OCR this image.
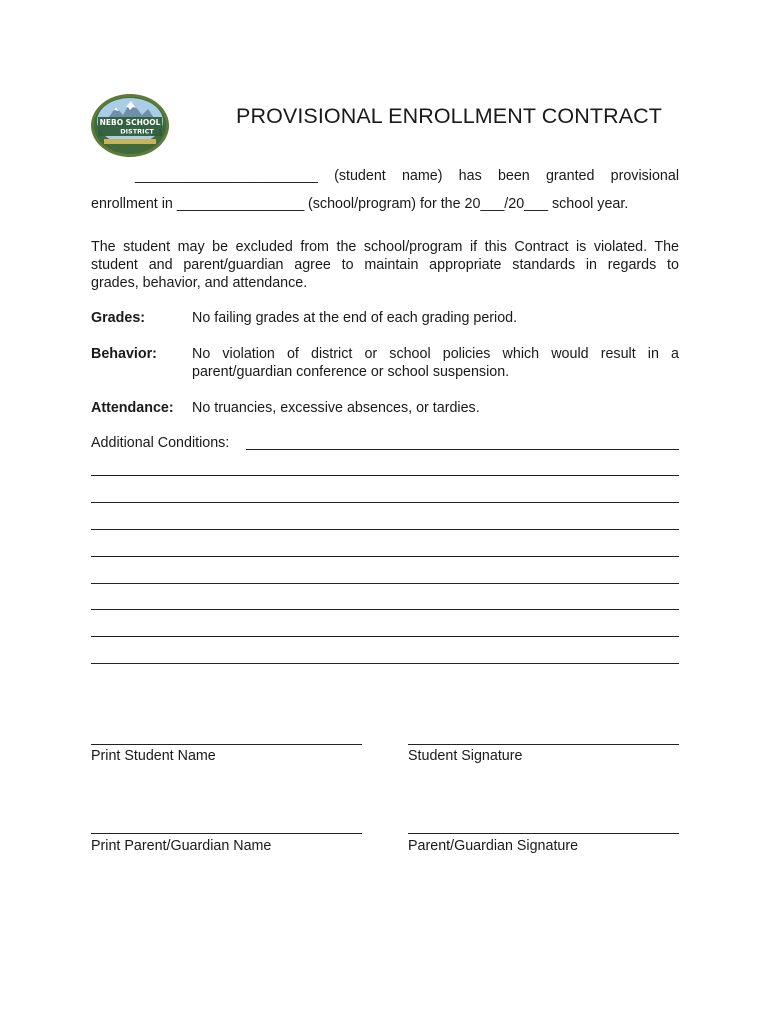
NEBO SCHOOL
DISTRICT
PROVISIONAL ENROLLMENT CONTRACT
_______________________ (student name) has been granted provisional
enrollment in ________________ (school/program) for the 20___/20___ school year.
The student may be excluded from the school/program if this Contract is violated. The
student and parent/guardian agree to maintain appropriate standards in regards to
grades, behavior, and attendance.
Grades:	No failing grades at the end of each grading period.
Behavior: No violation of district or school policies which would result in a
parent/guardian conference or school suspension.
Attendance: No truancies, excessive absences, or tardies.
Additional Conditions:
Print Student Name	Student Signature
Print Parent/Guardian Name	Parent/Guardian Signature
